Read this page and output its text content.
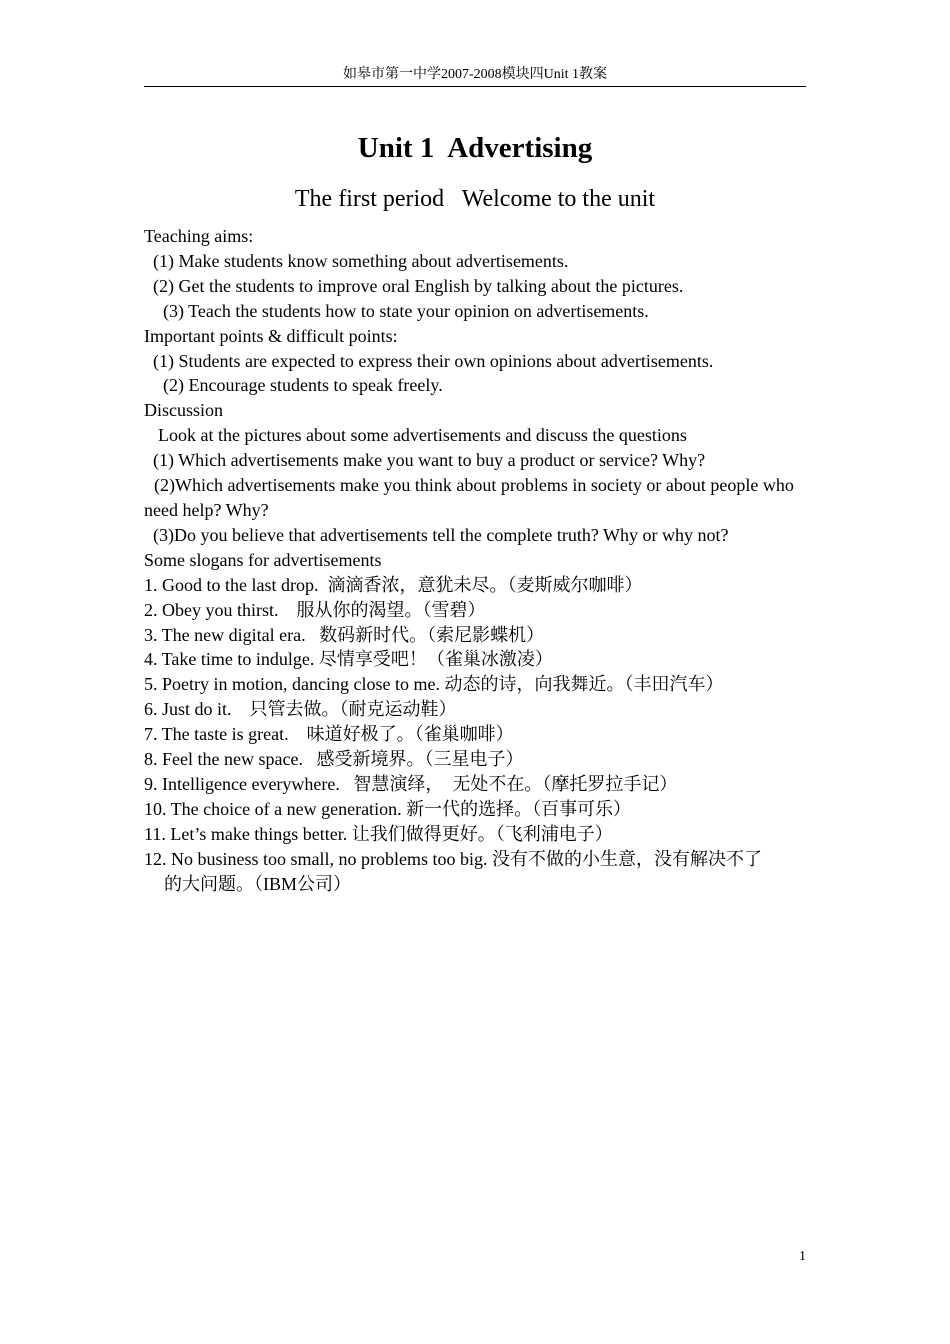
如皋市第一中学2007-2008模块四Unit 1教案
Unit 1  Advertising
The first period   Welcome to the unit
Teaching aims:
(1) Make students know something about advertisements.
(2) Get the students to improve oral English by talking about the pictures.
(3) Teach the students how to state your opinion on advertisements.
Important points & difficult points:
(1) Students are expected to express their own opinions about advertisements.
(2) Encourage students to speak freely.
Discussion
Look at the pictures about some advertisements and discuss the questions
(1) Which advertisements make you want to buy a product or service? Why?
(2)Which advertisements make you think about problems in society or about people who need help? Why?
(3)Do you believe that advertisements tell the complete truth? Why or why not?
Some slogans for advertisements
1. Good to the last drop.  滴滴香浓，意犹未尽。（麦斯威尔咖啡）
2. Obey you thirst.    服从你的渴望。（雪碧）
3. The new digital era.   数码新时代。（索尼影蝶机）
4. Take time to indulge. 尽情享受吧！（雀巢冰激凌）
5. Poetry in motion, dancing close to me. 动态的诗，向我舞近。（丰田汽车）
6. Just do it.    只管去做。（耐克运动鞋）
7. The taste is great.    味道好极了。（雀巢咖啡）
8. Feel the new space.   感受新境界。（三星电子）
9. Intelligence everywhere.   智慧演绎，  无处不在。（摩托罗拉手记）
10. The choice of a new generation. 新一代的选择。（百事可乐）
11. Let’s make things better. 让我们做得更好。（飞利浦电子）
12. No business too small, no problems too big. 没有不做的小生意，没有解决不了
的大问题。（IBM公司）
1
